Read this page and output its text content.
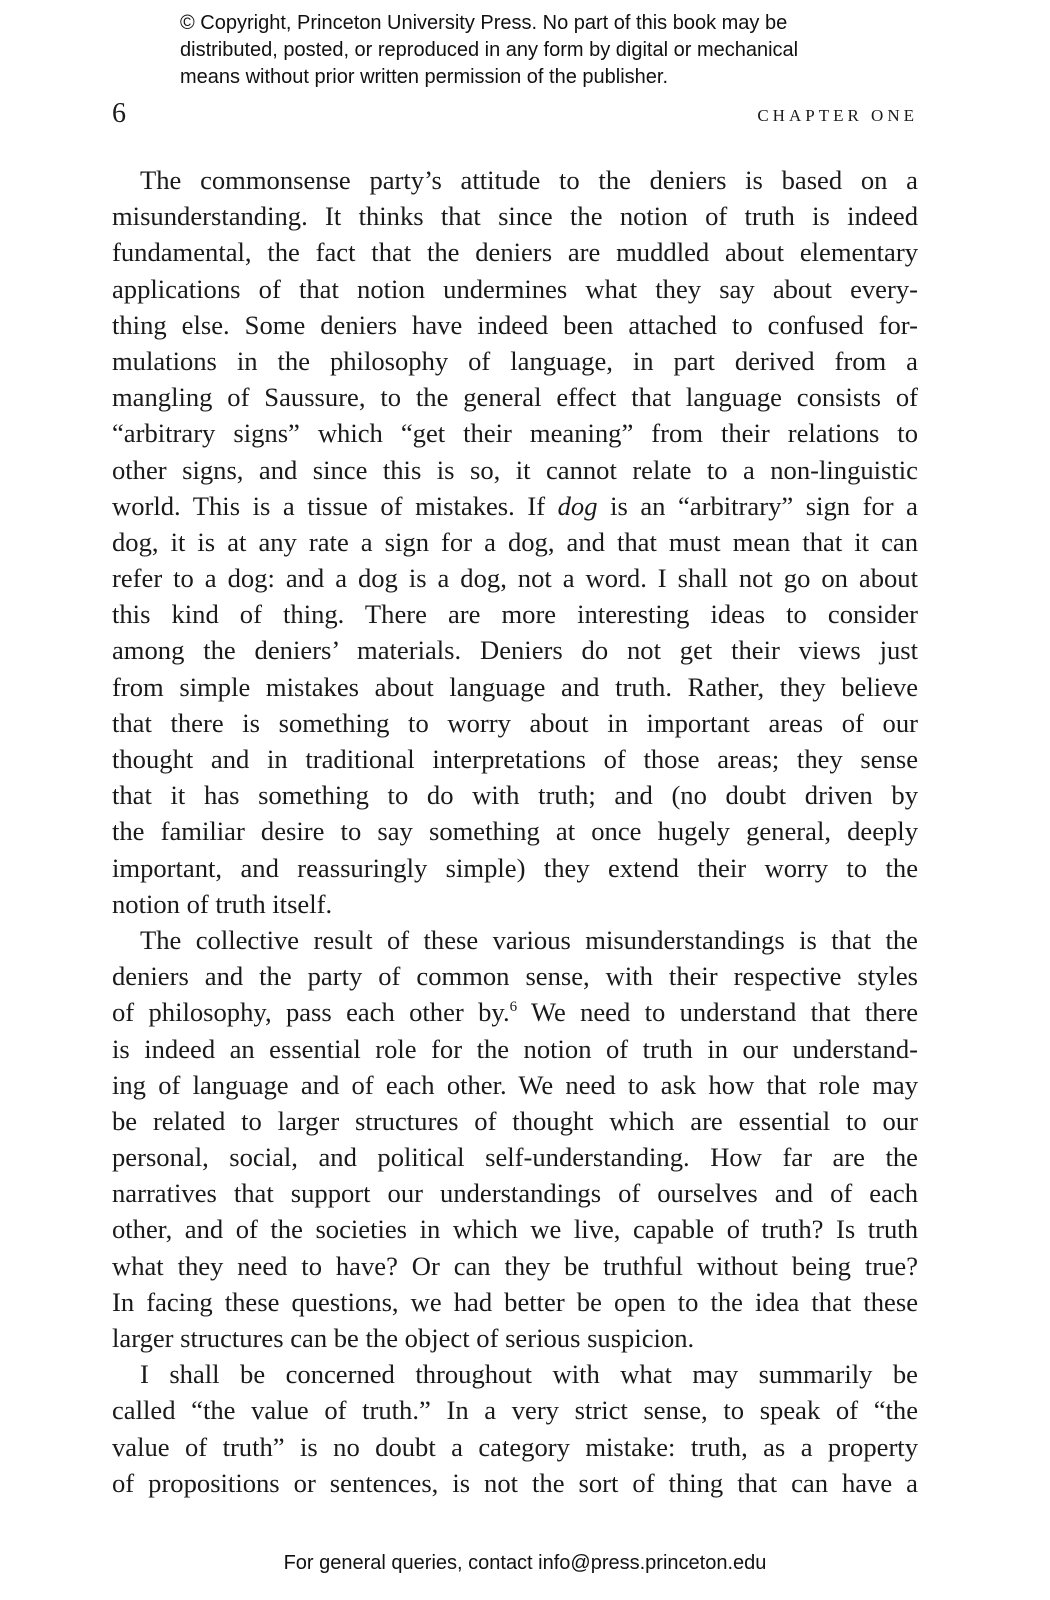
© Copyright, Princeton University Press. No part of this book may be
distributed, posted, or reproduced in any form by digital or mechanical
means without prior written permission of the publisher.
6	CHAPTER ONE
The commonsense party’s attitude to the deniers is based on a
misunderstanding. It thinks that since the notion of truth is indeed
fundamental, the fact that the deniers are muddled about elementary
applications of that notion undermines what they say about every-
thing else. Some deniers have indeed been attached to confused for-
mulations in the philosophy of language, in part derived from a
mangling of Saussure, to the general effect that language consists of
“arbitrary signs” which “get their meaning” from their relations to
other signs, and since this is so, it cannot relate to a non-linguistic
world. This is a tissue of mistakes. If dog is an “arbitrary” sign for a
dog, it is at any rate a sign for a dog, and that must mean that it can
refer to a dog: and a dog is a dog, not a word. I shall not go on about
this kind of thing. There are more interesting ideas to consider
among the deniers’ materials. Deniers do not get their views just
from simple mistakes about language and truth. Rather, they believe
that there is something to worry about in important areas of our
thought and in traditional interpretations of those areas; they sense
that it has something to do with truth; and (no doubt driven by
the familiar desire to say something at once hugely general, deeply
important, and reassuringly simple) they extend their worry to the
notion of truth itself.
The collective result of these various misunderstandings is that the
deniers and the party of common sense, with their respective styles
of philosophy, pass each other by.$^6$ We need to understand that there
is indeed an essential role for the notion of truth in our understand-
ing of language and of each other. We need to ask how that role may
be related to larger structures of thought which are essential to our
personal, social, and political self-understanding. How far are the
narratives that support our understandings of ourselves and of each
other, and of the societies in which we live, capable of truth? Is truth
what they need to have? Or can they be truthful without being true?
In facing these questions, we had better be open to the idea that these
larger structures can be the object of serious suspicion.
I shall be concerned throughout with what may summarily be
called “the value of truth.” In a very strict sense, to speak of “the
value of truth” is no doubt a category mistake: truth, as a property
of propositions or sentences, is not the sort of thing that can have a
For general queries, contact info@press.princeton.edu
